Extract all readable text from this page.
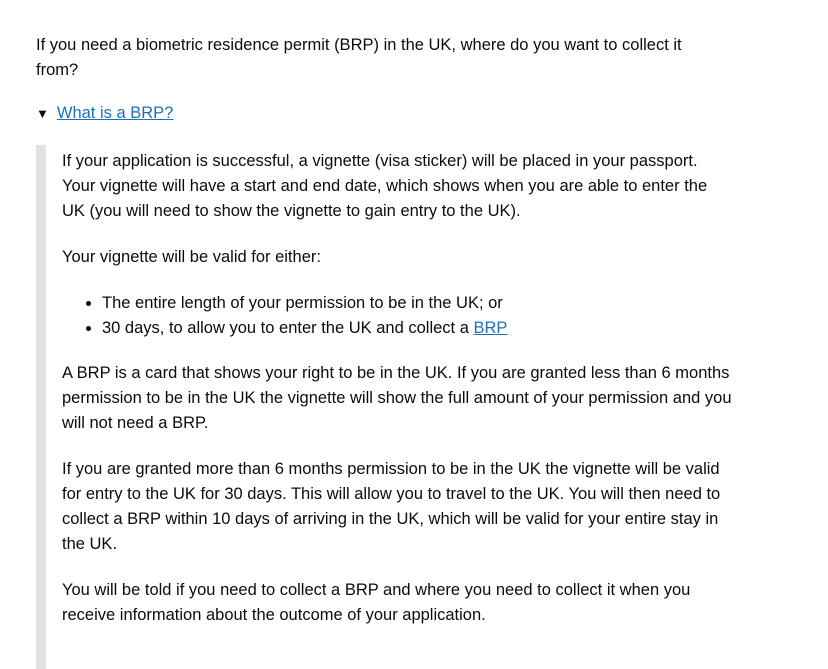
If you need a biometric residence permit (BRP) in the UK, where do you want to collect it from?
▼ What is a BRP?

If your application is successful, a vignette (visa sticker) will be placed in your passport. Your vignette will have a start and end date, which shows when you are able to enter the UK (you will need to show the vignette to gain entry to the UK).

Your vignette will be valid for either:

• The entire length of your permission to be in the UK; or
• 30 days, to allow you to enter the UK and collect a BRP

A BRP is a card that shows your right to be in the UK. If you are granted less than 6 months permission to be in the UK the vignette will show the full amount of your permission and you will not need a BRP.

If you are granted more than 6 months permission to be in the UK the vignette will be valid for entry to the UK for 30 days. This will allow you to travel to the UK. You will then need to collect a BRP within 10 days of arriving in the UK, which will be valid for your entire stay in the UK.

You will be told if you need to collect a BRP and where you need to collect it when you receive information about the outcome of your application.
